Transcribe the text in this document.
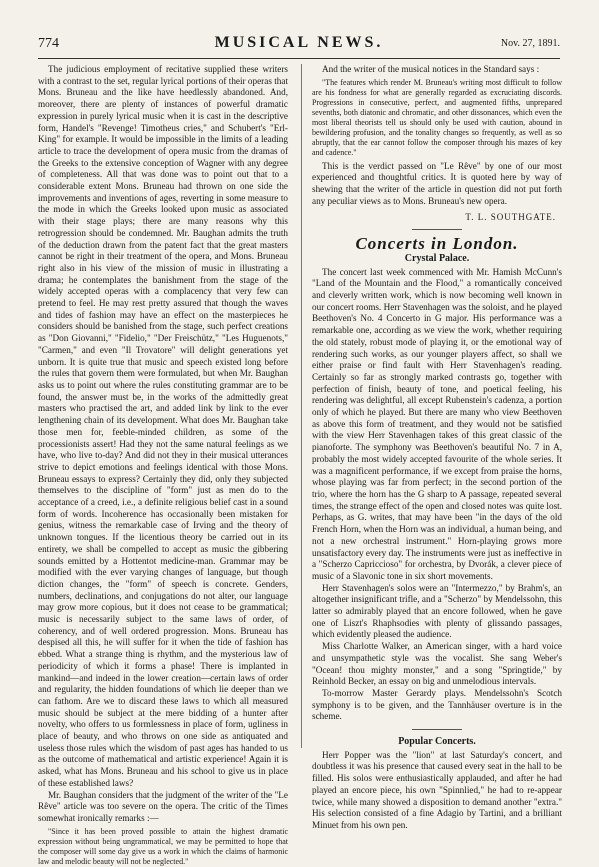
774	MUSICAL NEWS.	Nov. 27, 1891.

The judicious employment of recitative supplied these writers with a contrast to the set, regular lyrical portions of their operas that Mons. Bruneau and the like have heedlessly abandoned. And, moreover, there are plenty of instances of powerful dramatic expression in purely lyrical music when it is cast in the descriptive form, Handel's "Revenge! Timotheus cries," and Schubert's "Erl-King" for example. It would be impossible in the limits of a leading article to trace the development of opera music from the dramas of the Greeks to the extensive conception of Wagner with any degree of completeness. All that was done was to point out that to a considerable extent Mons. Bruneau had thrown on one side the improvements and inventions of ages, reverting in some measure to the mode in which the Greeks looked upon music as associated with their stage plays; there are many reasons why this retrogression should be condemned. Mr. Baughan admits the truth of the deduction drawn from the patent fact that the great masters cannot be right in their treatment of the opera, and Mons. Bruneau right also in his view of the mission of music in illustrating a drama; he contemplates the banishment from the stage of the widely accepted operas with a complacency that very few can pretend to feel. He may rest pretty assured that though the waves and tides of fashion may have an effect on the masterpieces he considers should be banished from the stage, such perfect creations as "Don Giovanni," "Fidelio," "Der Freischütz," "Les Huguenots," "Carmen," and even "Il Trovatore" will delight generations yet unborn. It is quite true that music and speech existed long before the rules that govern them were formulated, but when Mr. Baughan asks us to point out where the rules constituting grammar are to be found, the answer must be, in the works of the admittedly great masters who practised the art, and added link by link to the ever lengthening chain of its development. What does Mr. Baughan take those men for, feeble-minded children, as some of the processionists assert! Had they not the same natural feelings as we have, who live to-day? And did not they in their musical utterances strive to depict emotions and feelings identical with those Mons. Bruneau essays to express? Certainly they did, only they subjected themselves to the discipline of "form" just as men do to the acceptance of a creed, i.e., a definite religious belief cast in a sound form of words. Incoherence has occasionally been mistaken for genius, witness the remarkable case of Irving and the theory of unknown tongues. If the licentious theory be carried out in its entirety, we shall be compelled to accept as music the gibbering sounds emitted by a Hottentot medicine-man. Grammar may be modified with the ever varying changes of language, but though diction changes, the "form" of speech is concrete. Genders, numbers, declinations, and conjugations do not alter, our language may grow more copious, but it does not cease to be grammatical; music is necessarily subject to the same laws of order, of coherency, and of well ordered progression. Mons. Bruneau has despised all this, he will suffer for it when the tide of fashion has ebbed. What a strange thing is rhythm, and the mysterious law of periodicity of which it forms a phase! There is implanted in mankind—and indeed in the lower creation—certain laws of order and regularity, the hidden foundations of which lie deeper than we can fathom. Are we to discard these laws to which all measured music should be subject at the mere bidding of a hunter after novelty, who offers to us formlessness in place of form, ugliness in place of beauty, and who throws on one side as antiquated and useless those rules which the wisdom of past ages has handed to us as the outcome of mathematical and artistic experience! Again it is asked, what has Mons. Bruneau and his school to give us in place of these established laws?

Mr. Baughan considers that the judgment of the writer of the "Le Rêve" article was too severe on the opera. The critic of the Times somewhat ironically remarks :—

"Since it has been proved possible to attain the highest dramatic expression without being ungrammatical, we may be permitted to hope that the composer will some day give us a work in which the claims of harmonic law and melodic beauty will not be neglected."

And the writer of the musical notices in the Standard says :

"The features which render M. Bruneau's writing most difficult to follow are his fondness for what are generally regarded as excruciating discords. Progressions in consecutive, perfect, and augmented fifths, unprepared sevenths, both diatonic and chromatic, and other dissonances, which even the most liberal theorists tell us should only be used with caution, abound in bewildering profusion, and the tonality changes so frequently, as well as so abruptly, that the ear cannot follow the composer through his mazes of key and cadence."

This is the verdict passed on "Le Rêve" by one of our most experienced and thoughtful critics. It is quoted here by way of shewing that the writer of the article in question did not put forth any peculiar views as to Mons. Bruneau's new opera.

T. L. SOUTHGATE.

Concerts in London.
Crystal Palace.

The concert last week commenced with Mr. Hamish McCunn's "Land of the Mountain and the Flood," a romantically conceived and cleverly written work, which is now becoming well known in our concert rooms. Herr Stavenhagen was the soloist, and he played Beethoven's No. 4 Concerto in G major. His performance was a remarkable one, according as we view the work, whether requiring the old stately, robust mode of playing it, or the emotional way of rendering such works, as our younger players affect, so shall we either praise or find fault with Herr Stavenhagen's reading. Certainly so far as strongly marked contrasts go, together with perfection of finish, beauty of tone, and poetical feeling, his rendering was delightful, all except Rubenstein's cadenza, a portion only of which he played. But there are many who view Beethoven as above this form of treatment, and they would not be satisfied with the view Herr Stavenhagen takes of this great classic of the pianoforte. The symphony was Beethoven's beautiful No. 7 in A, probably the most widely accepted favourite of the whole series. It was a magnificent performance, if we except from praise the horns, whose playing was far from perfect; in the second portion of the trio, where the horn has the G sharp to A passage, repeated several times, the strange effect of the open and closed notes was quite lost. Perhaps, as G. writes, that may have been "in the days of the old French Horn, when the Horn was an individual, a human being, and not a new orchestral instrument." Horn-playing grows more unsatisfactory every day. The instruments were just as ineffective in a "Scherzo Capriccioso" for orchestra, by Dvorák, a clever piece of music of a Slavonic tone in six short movements.

Herr Stavenhagen's solos were an "Intermezzo," by Brahm's, an altogether insignificant trifle, and a "Scherzo" by Mendelssohn, this latter so admirably played that an encore followed, when he gave one of Liszt's Rhaphsodies with plenty of glissando passages, which evidently pleased the audience.

Miss Charlotte Walker, an American singer, with a hard voice and unsympathetic style was the vocalist. She sang Weber's "Ocean! thou mighty monster," and a song "Springtide," by Reinhold Becker, an essay on big and unmelodious intervals.

To-morrow Master Gerardy plays. Mendelssohn's Scotch symphony is to be given, and the Tannhäuser overture is in the scheme.

Popular Concerts.

Herr Popper was the "lion" at last Saturday's concert, and doubtless it was his presence that caused every seat in the hall to be filled. His solos were enthusiastically applauded, and after he had played an encore piece, his own "Spinnlied," he had to re-appear twice, while many showed a disposition to demand another "extra." His selection consisted of a fine Adagio by Tartini, and a brilliant Minuet from his own pen.
